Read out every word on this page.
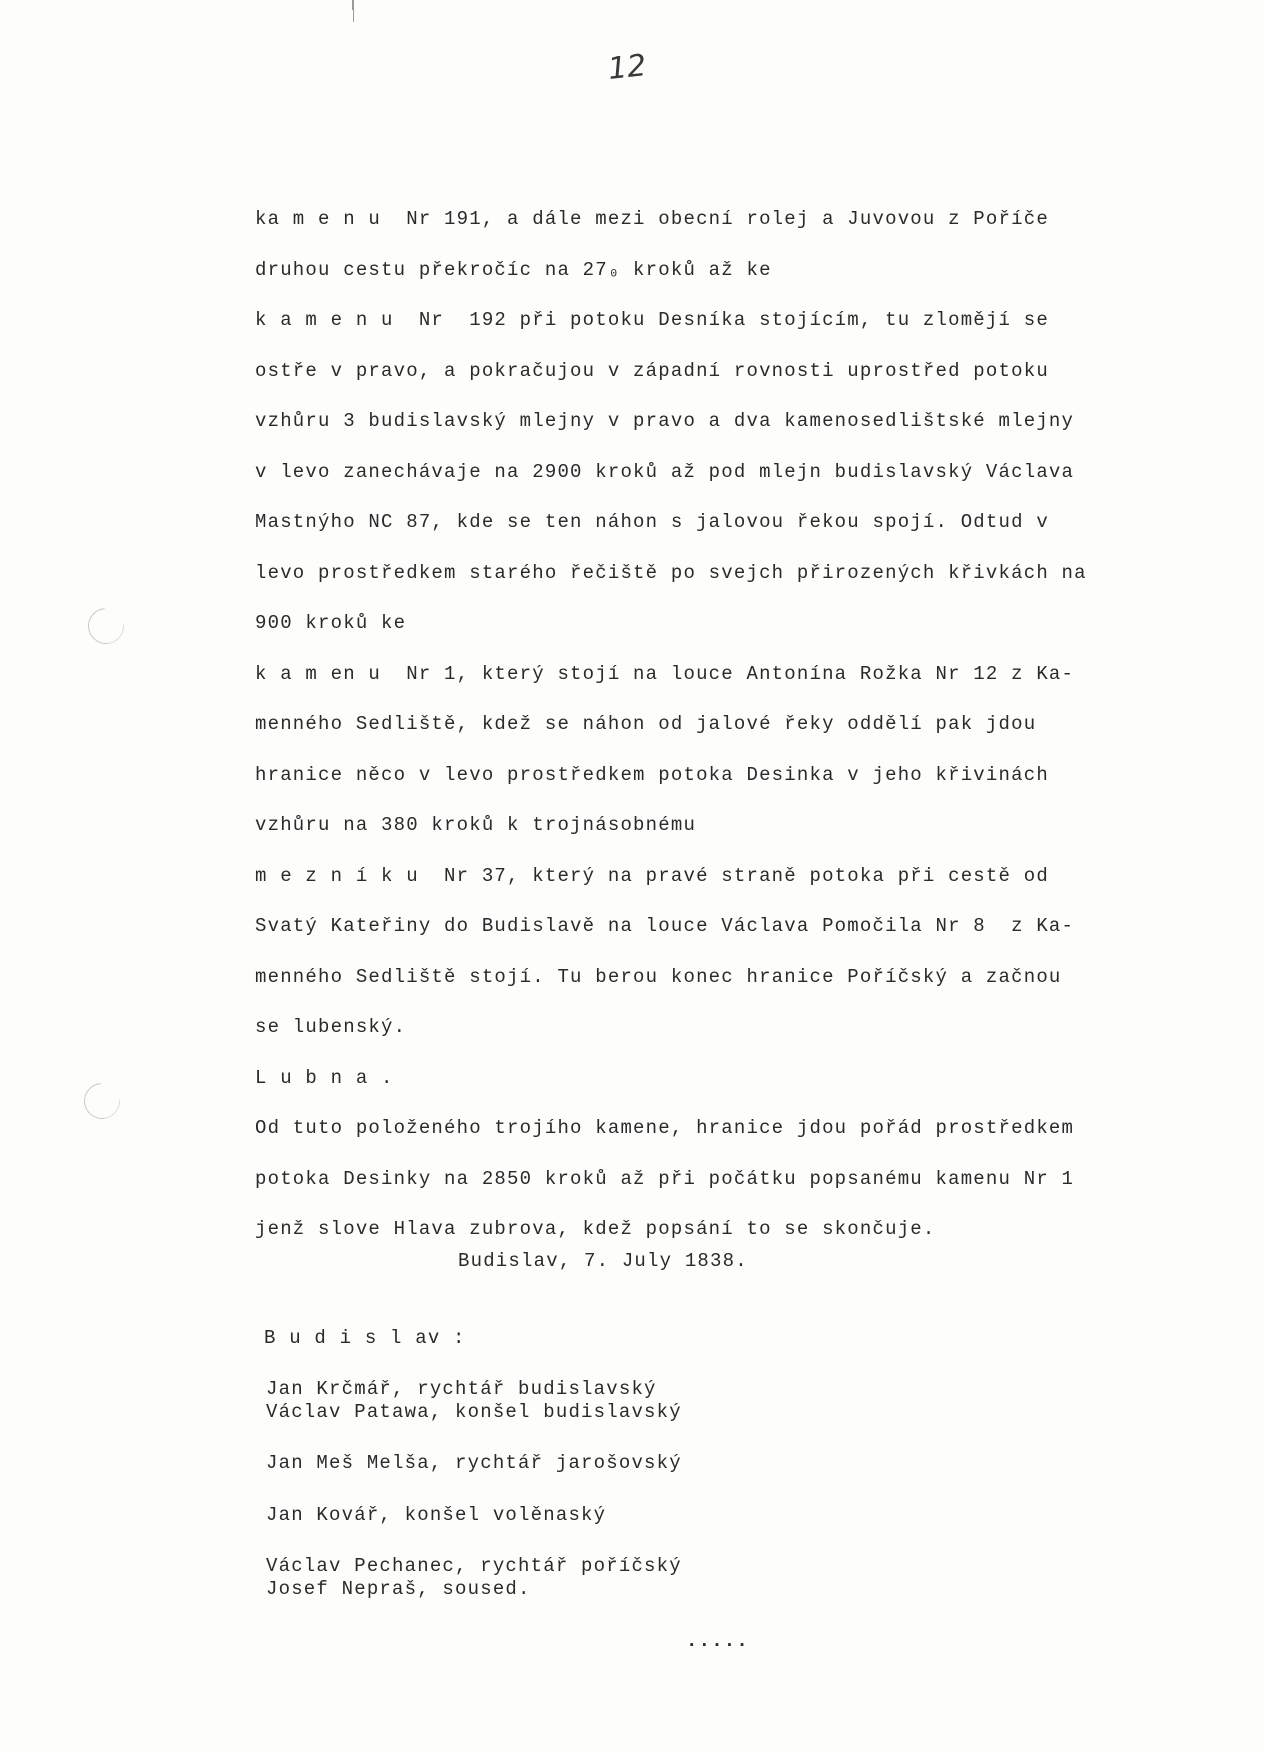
12
ka m e n u  Nr 191, a dále mezi obecní rolej a Juvovou z Poříče
druhou cestu překročíc na 27₀ kroků až ke
k a m e n u  Nr  192 při potoku Desníka stojícím, tu zlomějí se
ostře v pravo, a pokračujou v západní rovnosti uprostřed potoku
vzhůru 3 budislavský mlejny v pravo a dva kamenosedlištské mlejny
v levo zanechávaje na 2900 kroků až pod mlejn budislavský Václava
Mastnýho NC 87, kde se ten náhon s jalovou řekou spojí. Odtud v
levo prostředkem starého řečiště po svejch přirozených křivkách na
900 kroků ke
k a m en u  Nr 1, který stojí na louce Antonína Rožka Nr 12 z Ka-
menného Sedliště, kdež se náhon od jalové řeky oddělí pak jdou
hranice něco v levo prostředkem potoka Desinka v jeho křivinách
vzhůru na 380 kroků k trojnásobnému
m e z n í k u  Nr 37, který na pravé straně potoka při cestě od
Svatý Kateřiny do Budislavě na louce Václava Pomočila Nr 8  z Ka-
menného Sedliště stojí. Tu berou konec hranice Poříčský a začnou
se lubenský.
L u b n a .
Od tuto položeného trojího kamene, hranice jdou pořád prostředkem
potoka Desinky na 2850 kroků až při počátku popsanému kamenu Nr 1
jenž slove Hlava zubrova, kdež popsání to se skončuje.
Budislav, 7. July 1838.
B u d i s l av :
Jan Krčmář, rychtář budislavský
Václav Patawa, konšel budislavský
Jan Meš Melša, rychtář jarošovský
Jan Kovář, konšel volěnaský
Václav Pechanec, rychtář poříčský
Josef Nepraš, soused.
.....
